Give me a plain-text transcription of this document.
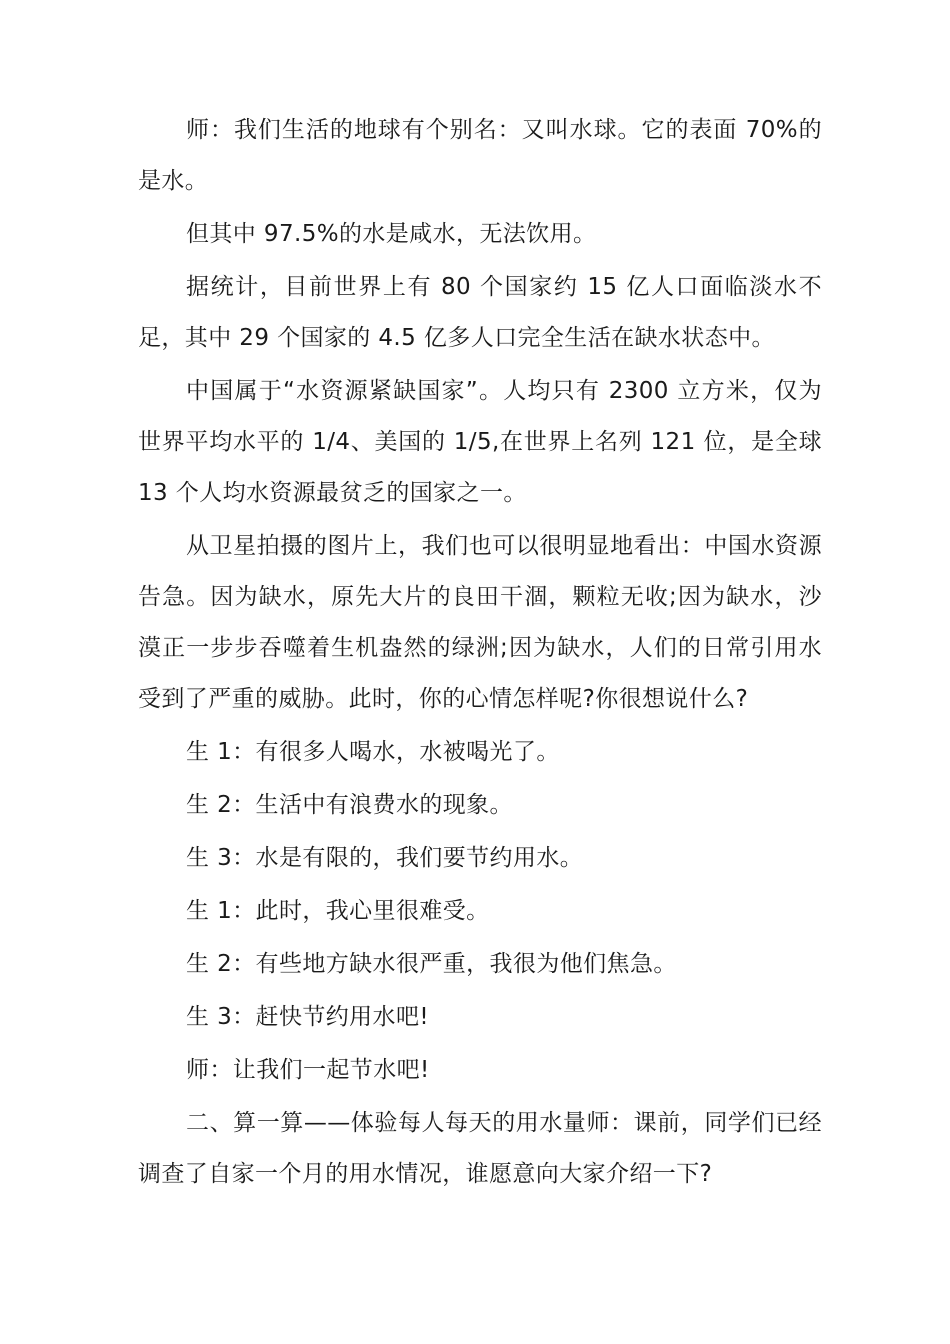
师：我们生活的地球有个别名：又叫水球。它的表面 70%的是水。

但其中 97.5%的水是咸水，无法饮用。

据统计，目前世界上有 80 个国家约 15 亿人口面临淡水不足，其中 29 个国家的 4.5 亿多人口完全生活在缺水状态中。

中国属于“水资源紧缺国家”。人均只有 2300 立方米，仅为世界平均水平的 1/4、美国的 1/5,在世界上名列 121 位，是全球 13 个人均水资源最贫乏的国家之一。

从卫星拍摄的图片上，我们也可以很明显地看出：中国水资源告急。因为缺水，原先大片的良田干涸，颗粒无收;因为缺水，沙漠正一步步吞噬着生机盎然的绿洲;因为缺水，人们的日常引用水受到了严重的威胁。此时，你的心情怎样呢?你很想说什么?

生 1：有很多人喝水，水被喝光了。

生 2：生活中有浪费水的现象。

生 3：水是有限的，我们要节约用水。

生 1：此时，我心里很难受。

生 2：有些地方缺水很严重，我很为他们焦急。

生 3：赶快节约用水吧!

师：让我们一起节水吧!

二、算一算——体验每人每天的用水量师：课前，同学们已经调查了自家一个月的用水情况，谁愿意向大家介绍一下?
